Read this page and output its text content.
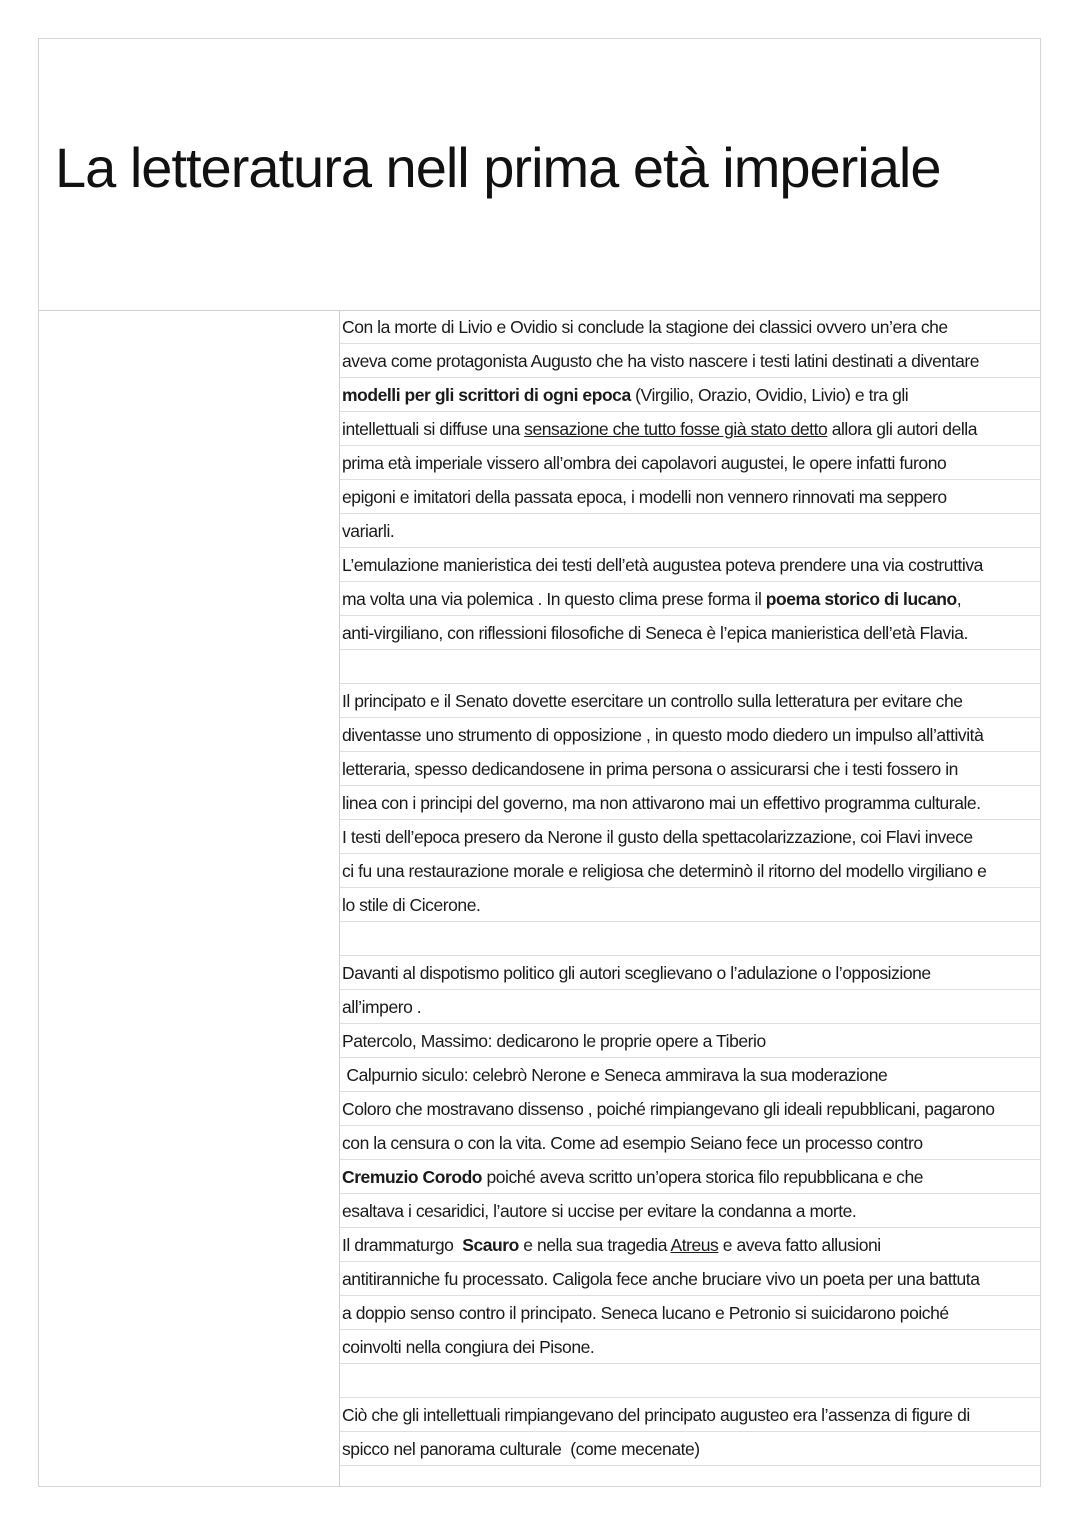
La letteratura nell prima età imperiale
Con la morte di Livio e Ovidio si conclude la stagione dei classici ovvero un’era che
aveva come protagonista Augusto che ha visto nascere i testi latini destinati a diventare
modelli per gli scrittori di ogni epoca (Virgilio, Orazio, Ovidio, Livio) e tra gli
intellettuali si diffuse una sensazione che tutto fosse già stato detto allora gli autori della
prima età imperiale vissero all’ombra dei capolavori augustei, le opere infatti furono
epigoni e imitatori della passata epoca, i modelli non vennero rinnovati ma seppero
variarli.
L’emulazione manieristica dei testi dell’età augustea poteva prendere una via costruttiva
ma volta una via polemica . In questo clima prese forma il poema storico di lucano,
anti-virgiliano, con riflessioni filosofiche di Seneca è l’epica manieristica dell’età Flavia.
Il principato e il Senato dovette esercitare un controllo sulla letteratura per evitare che
diventasse uno strumento di opposizione , in questo modo diedero un impulso all’attività
letteraria, spesso dedicandosene in prima persona o assicurarsi che i testi fossero in
linea con i principi del governo, ma non attivarono mai un effettivo programma culturale.
I testi dell’epoca presero da Nerone il gusto della spettacolarizzazione, coi Flavi invece
ci fu una restaurazione morale e religiosa che determinò il ritorno del modello virgiliano e
lo stile di Cicerone.
Davanti al dispotismo politico gli autori sceglievano o l’adulazione o l’opposizione
all’impero .
Patercolo, Massimo: dedicarono le proprie opere a Tiberio
Calpurnio siculo: celebrò Nerone e Seneca ammirava la sua moderazione
Coloro che mostravano dissenso , poiché rimpiangevano gli ideali repubblicani, pagarono
con la censura o con la vita. Come ad esempio Seiano fece un processo contro
Cremuzio Corodo poiché aveva scritto un’opera storica filo repubblicana e che
esaltava i cesaridici, l’autore si uccise per evitare la condanna a morte.
Il drammaturgo  Scauro e nella sua tragedia Atreus e aveva fatto allusioni
antitiranniche fu processato. Caligola fece anche bruciare vivo un poeta per una battuta
a doppio senso contro il principato. Seneca lucano e Petronio si suicidarono poiché
coinvolti nella congiura dei Pisone.
Ciò che gli intellettuali rimpiangevano del principato augusteo era l’assenza di figure di
spicco nel panorama culturale  (come mecenate)
